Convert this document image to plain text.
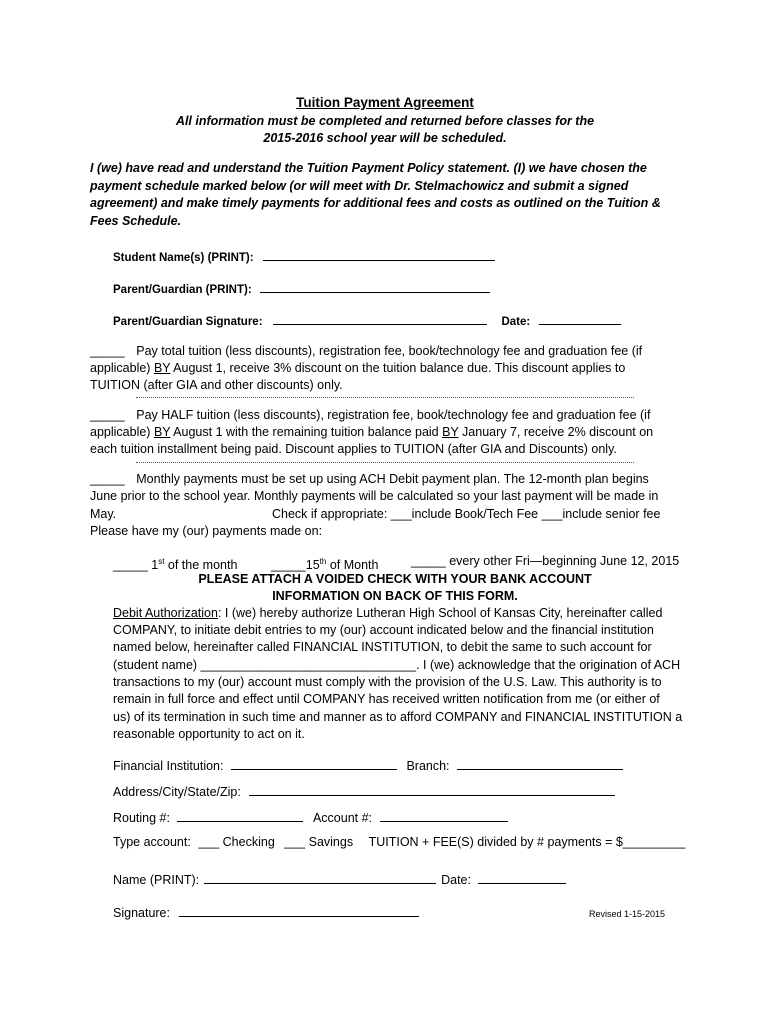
Tuition Payment Agreement
All information must be completed and returned before classes for the
2015-2016 school year will be scheduled.
I (we) have read and understand the Tuition Payment Policy statement. (I) we have chosen the payment schedule marked below (or will meet with Dr. Stelmachowicz and submit a signed agreement) and make timely payments for additional fees and costs as outlined on the Tuition & Fees Schedule.
Student Name(s) (PRINT):
Parent/Guardian (PRINT):
Parent/Guardian Signature:	Date:
_____ Pay total tuition (less discounts), registration fee, book/technology fee and graduation fee (if
applicable) BY August 1, receive 3% discount on the tuition balance due. This discount applies to
TUITION (after GIA and other discounts) only.
_____ Pay HALF tuition (less discounts), registration fee, book/technology fee and graduation fee (if
applicable) BY August 1 with the remaining tuition balance paid BY January 7, receive 2% discount on
each tuition installment being paid. Discount applies to TUITION (after GIA and Discounts) only.
_____ Monthly payments must be set up using ACH Debit payment plan. The 12-month plan begins
June prior to the school year. Monthly payments will be calculated so your last payment will be made in
May.	Check if appropriate: ___include Book/Tech Fee ___include senior fee
Please have my (our) payments made on:
_____ 1st of the month	_____15th of Month	_____ every other Fri—beginning June 12, 2015
PLEASE ATTACH A VOIDED CHECK WITH YOUR BANK ACCOUNT
INFORMATION ON BACK OF THIS FORM.
Debit Authorization: I (we) hereby authorize Lutheran High School of Kansas City, hereinafter called
COMPANY, to initiate debit entries to my (our) account indicated below and the financial institution
named below, hereinafter called FINANCIAL INSTITUTION, to debit the same to such account for
(student name) _______________________________. I (we) acknowledge that the origination of ACH
transactions to my (our) account must comply with the provision of the U.S. Law. This authority is to
remain in full force and effect until COMPANY has received written notification from me (or either of
us) of its termination in such time and manner as to afford COMPANY and FINANCIAL INSTITUTION a
reasonable opportunity to act on it.
Financial Institution:	Branch:
Address/City/State/Zip:
Routing #:	Account #:
Type account: ___ Checking ___ Savings TUITION + FEE(S) divided by # payments = $_________
Name (PRINT):	Date:
Signature:	Revised 1-15-2015
